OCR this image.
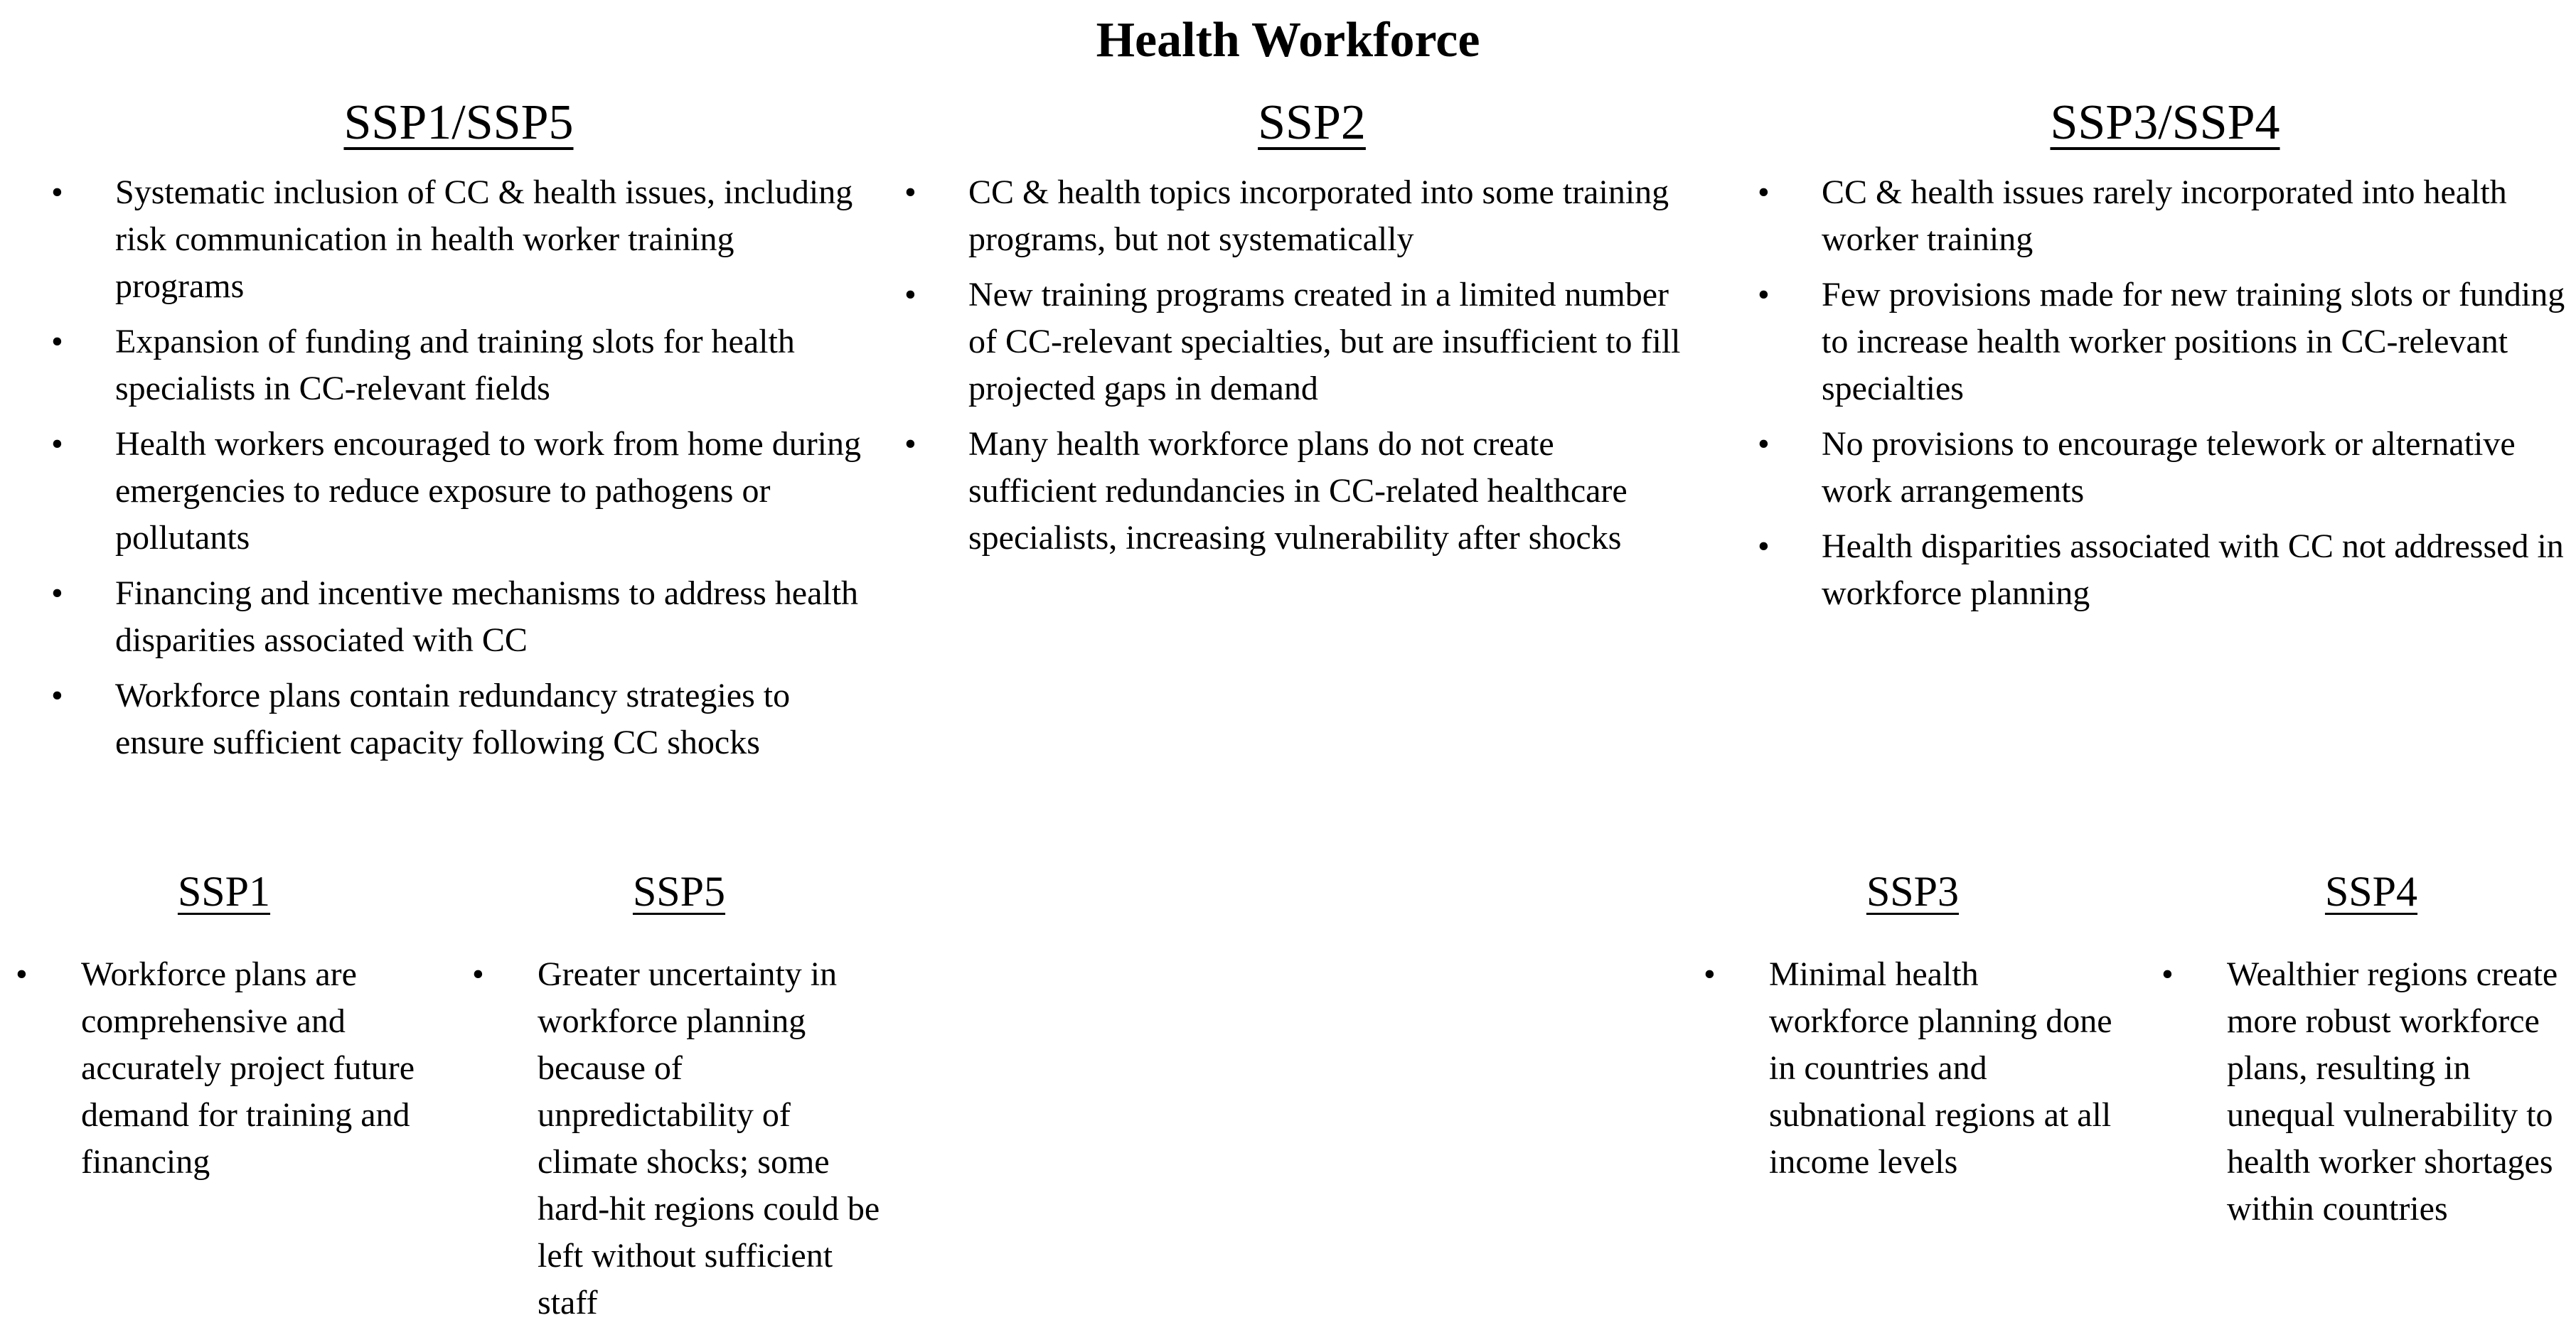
Health Workforce
SSP1/SSP5	SSP2	SSP3/SSP4
• Systematic inclusion of CC & health issues, including risk communication in health worker training programs
• Expansion of funding and training slots for health specialists in CC-relevant fields
• Health workers encouraged to work from home during emergencies to reduce exposure to pathogens or pollutants
• Financing and incentive mechanisms to address health disparities associated with CC
• Workforce plans contain redundancy strategies to ensure sufficient capacity following CC shocks
• CC & health topics incorporated into some training programs, but not systematically
• New training programs created in a limited number of CC-relevant specialties, but are insufficient to fill projected gaps in demand
• Many health workforce plans do not create sufficient redundancies in CC-related healthcare specialists, increasing vulnerability after shocks
• CC & health issues rarely incorporated into health worker training
• Few provisions made for new training slots or funding to increase health worker positions in CC-relevant specialties
• No provisions to encourage telework or alternative work arrangements
• Health disparities associated with CC not addressed in workforce planning
SSP1	SSP5	SSP3	SSP4
• Workforce plans are comprehensive and accurately project future demand for training and financing
• Greater uncertainty in workforce planning because of unpredictability of climate shocks; some hard-hit regions could be left without sufficient staff
• Minimal health workforce planning done in countries and subnational regions at all income levels
• Wealthier regions create more robust workforce plans, resulting in unequal vulnerability to health worker shortages within countries
